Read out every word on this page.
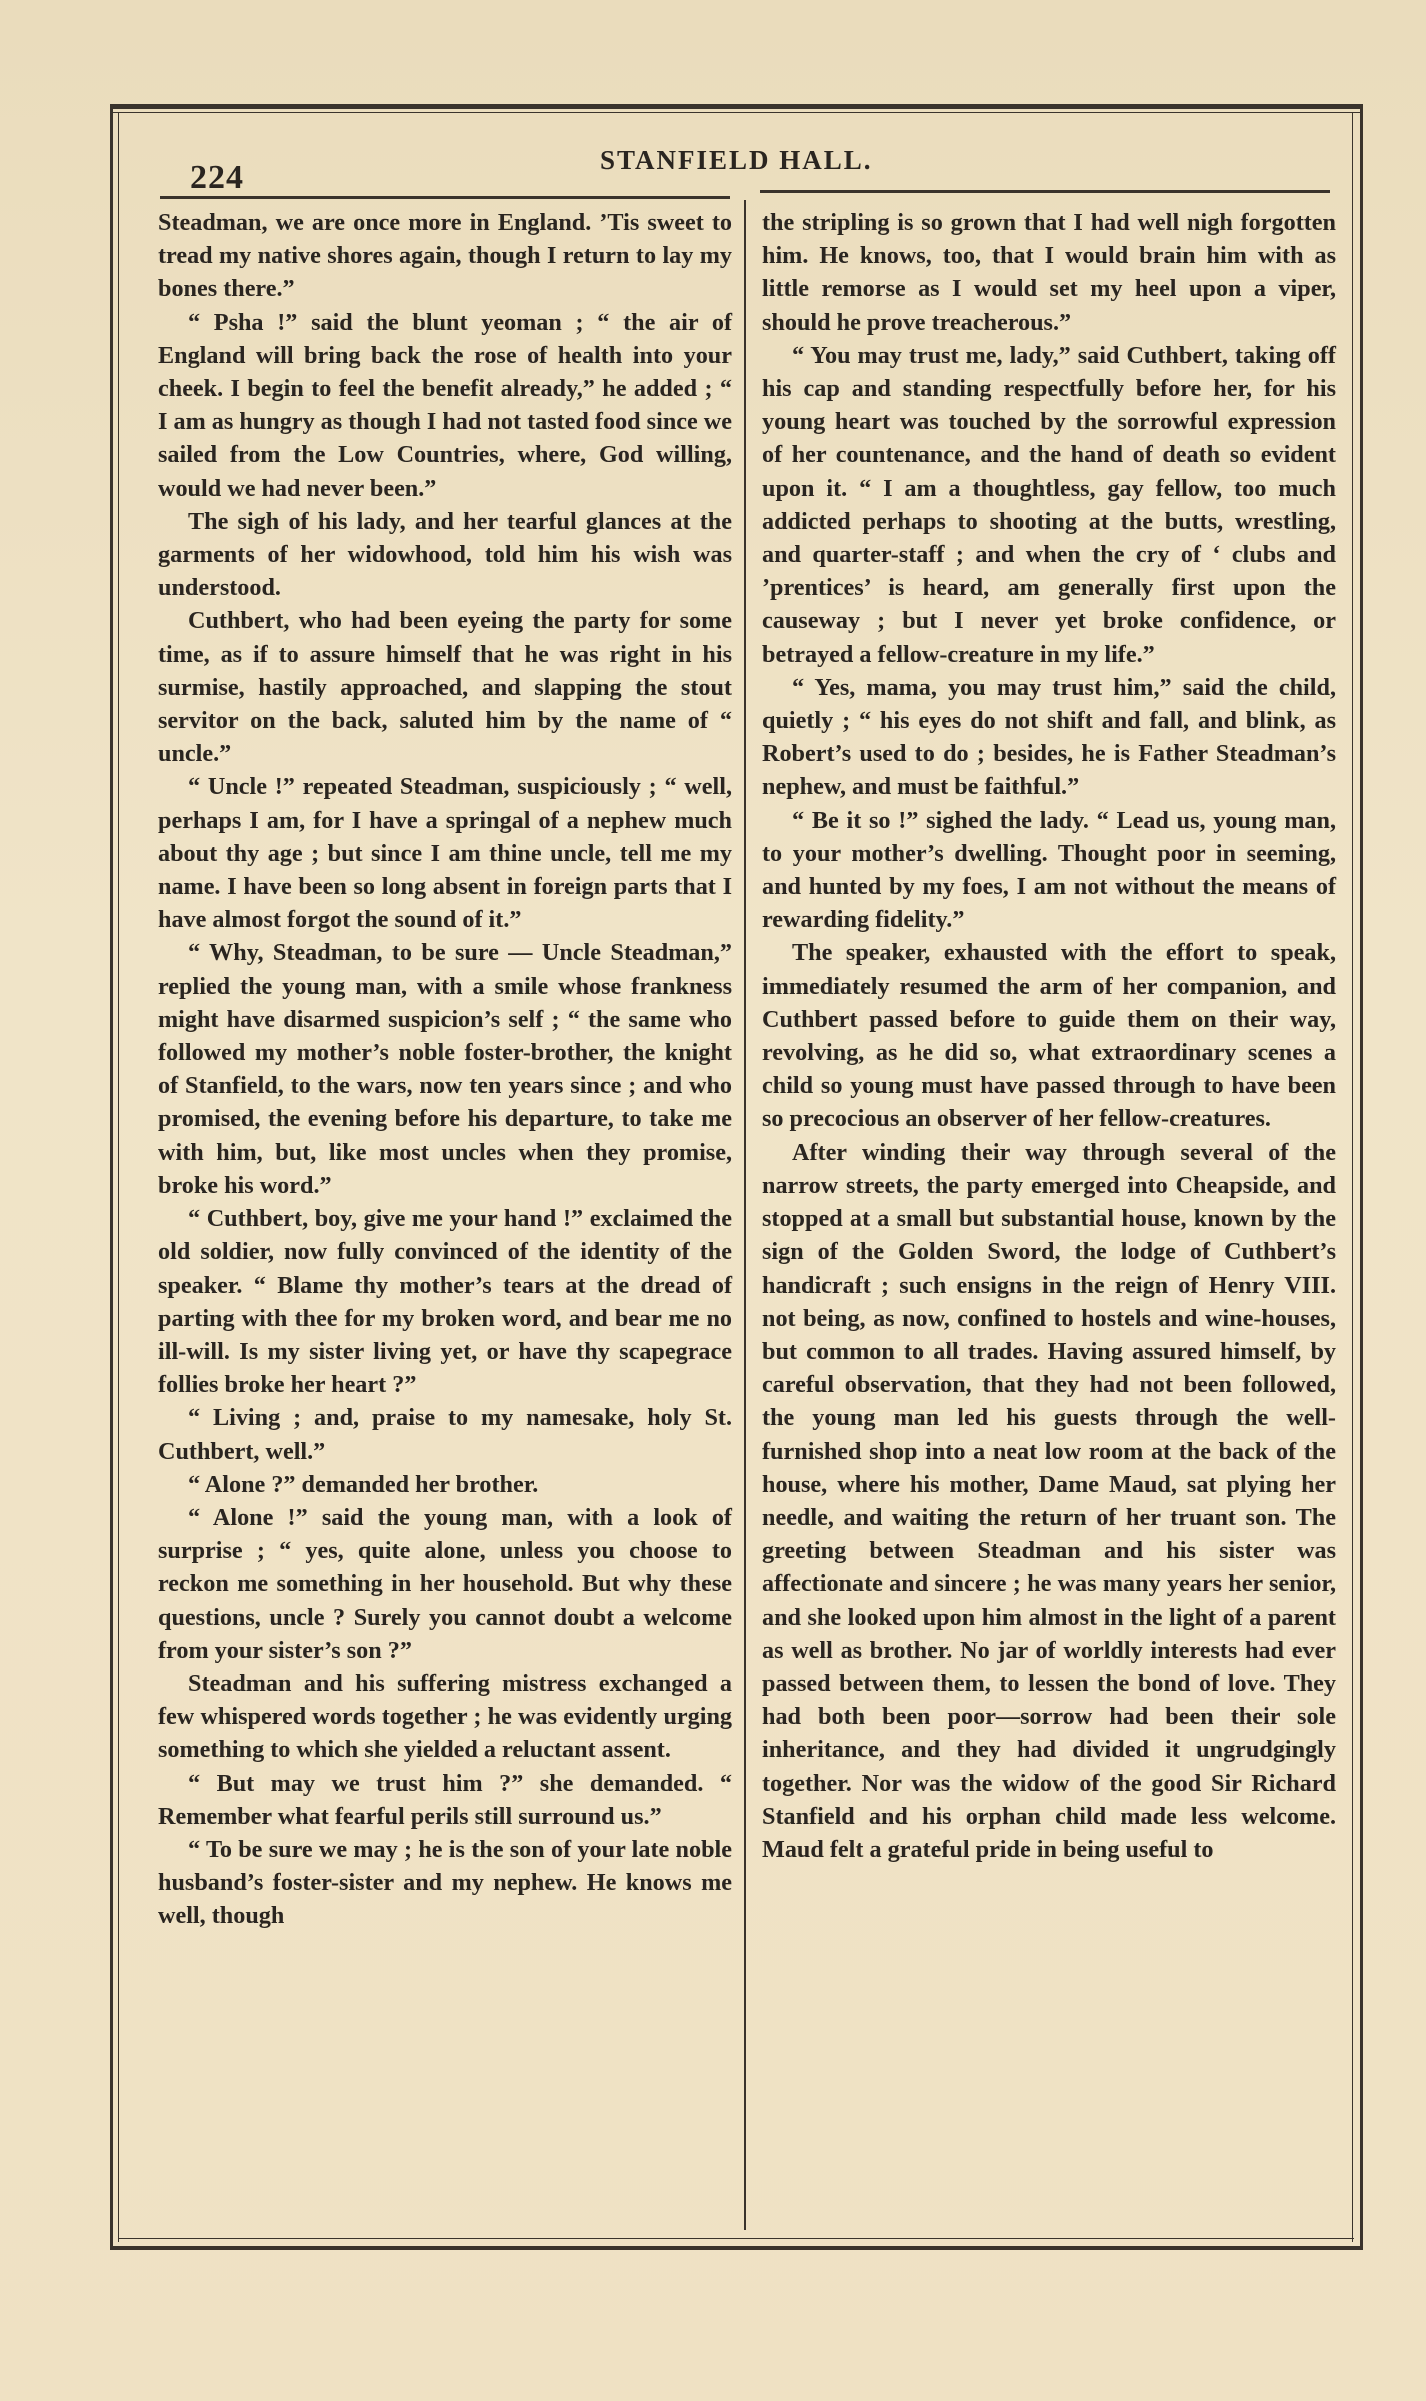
224	STANFIELD HALL.

Steadman, we are once more in England. ’Tis sweet to tread my native shores again, though I return to lay my bones there.”

“ Psha !” said the blunt yeoman ; “ the air of England will bring back the rose of health into your cheek. I begin to feel the benefit already,” he added ; “ I am as hungry as though I had not tasted food since we sailed from the Low Countries, where, God willing, would we had never been.”

The sigh of his lady, and her tearful glances at the garments of her widowhood, told him his wish was understood.

Cuthbert, who had been eyeing the party for some time, as if to assure himself that he was right in his surmise, hastily approached, and slapping the stout servitor on the back, saluted him by the name of “ uncle.”

“ Uncle !” repeated Steadman, suspiciously ; “ well, perhaps I am, for I have a springal of a nephew much about thy age ; but since I am thine uncle, tell me my name. I have been so long absent in foreign parts that I have almost forgot the sound of it.”

“ Why, Steadman, to be sure — Uncle Steadman,” replied the young man, with a smile whose frankness might have disarmed suspicion’s self ; “ the same who followed my mother’s noble foster-brother, the knight of Stanfield, to the wars, now ten years since ; and who promised, the evening before his departure, to take me with him, but, like most uncles when they promise, broke his word.”

“ Cuthbert, boy, give me your hand !” exclaimed the old soldier, now fully convinced of the identity of the speaker. “ Blame thy mother’s tears at the dread of parting with thee for my broken word, and bear me no ill-will. Is my sister living yet, or have thy scapegrace follies broke her heart ?”

“ Living ; and, praise to my namesake, holy St. Cuthbert, well.”

“ Alone ?” demanded her brother.

“ Alone !” said the young man, with a look of surprise ; “ yes, quite alone, unless you choose to reckon me something in her household. But why these questions, uncle ? Surely you cannot doubt a welcome from your sister’s son ?”

Steadman and his suffering mistress exchanged a few whispered words together ; he was evidently urging something to which she yielded a reluctant assent.

“ But may we trust him ?” she demanded. “ Remember what fearful perils still surround us.”

“ To be sure we may ; he is the son of your late noble husband’s foster-sister and my nephew. He knows me well, though

the stripling is so grown that I had well nigh forgotten him. He knows, too, that I would brain him with as little remorse as I would set my heel upon a viper, should he prove treacherous.”

“ You may trust me, lady,” said Cuthbert, taking off his cap and standing respectfully before her, for his young heart was touched by the sorrowful expression of her countenance, and the hand of death so evident upon it. “ I am a thoughtless, gay fellow, too much addicted perhaps to shooting at the butts, wrestling, and quarter-staff ; and when the cry of ‘ clubs and ’prentices’ is heard, am generally first upon the causeway ; but I never yet broke confidence, or betrayed a fellow-creature in my life.”

“ Yes, mama, you may trust him,” said the child, quietly ; “ his eyes do not shift and fall, and blink, as Robert’s used to do ; besides, he is Father Steadman’s nephew, and must be faithful.”

“ Be it so !” sighed the lady. “ Lead us, young man, to your mother’s dwelling. Thought poor in seeming, and hunted by my foes, I am not without the means of rewarding fidelity.”

The speaker, exhausted with the effort to speak, immediately resumed the arm of her companion, and Cuthbert passed before to guide them on their way, revolving, as he did so, what extraordinary scenes a child so young must have passed through to have been so precocious an observer of her fellow-creatures.

After winding their way through several of the narrow streets, the party emerged into Cheapside, and stopped at a small but substantial house, known by the sign of the Golden Sword, the lodge of Cuthbert’s handicraft ; such ensigns in the reign of Henry VIII. not being, as now, confined to hostels and wine-houses, but common to all trades. Having assured himself, by careful observation, that they had not been followed, the young man led his guests through the well-furnished shop into a neat low room at the back of the house, where his mother, Dame Maud, sat plying her needle, and waiting the return of her truant son. The greeting between Steadman and his sister was affectionate and sincere ; he was many years her senior, and she looked upon him almost in the light of a parent as well as brother. No jar of worldly interests had ever passed between them, to lessen the bond of love. They had both been poor—sorrow had been their sole inheritance, and they had divided it ungrudgingly together. Nor was the widow of the good Sir Richard Stanfield and his orphan child made less welcome. Maud felt a grateful pride in being useful to
